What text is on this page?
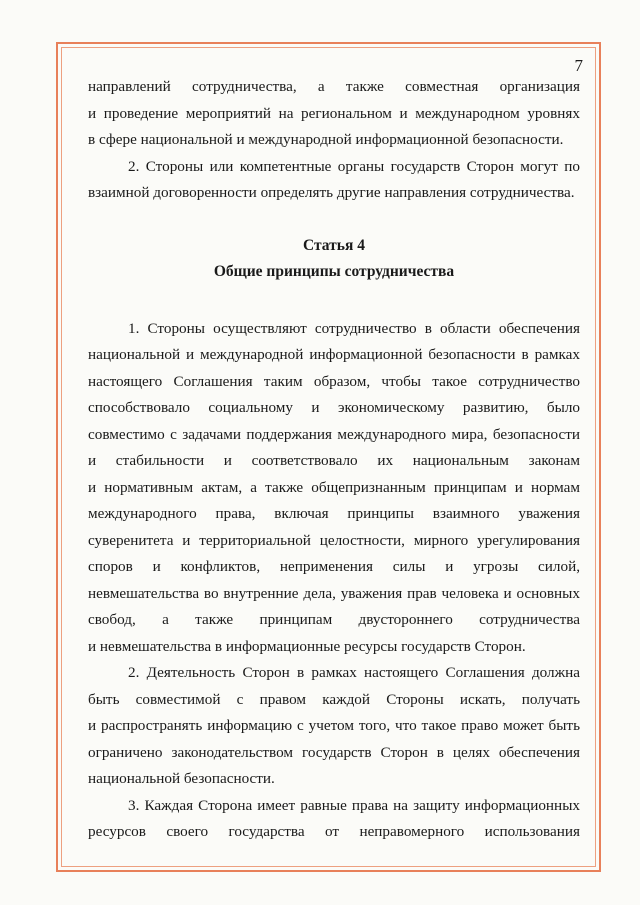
7

направлений сотрудничества, а также совместная организация

и проведение мероприятий на региональном и международном уровнях

в сфере национальной и международной информационной безопасности.

2. Стороны или компетентные органы государств Сторон могут по

взаимной договоренности определять другие направления сотрудничества.

Статья 4

Общие принципы сотрудничества

1. Стороны осуществляют сотрудничество в области обеспечения

национальной и международной информационной безопасности в рамках

настоящего Соглашения таким образом, чтобы такое сотрудничество

способствовало социальному и экономическому развитию, было

совместимо с задачами поддержания международного мира, безопасности

и стабильности и соответствовало их национальным законам

и нормативным актам, а также общепризнанным принципам и нормам

международного права, включая принципы взаимного уважения

суверенитета и территориальной целостности, мирного урегулирования

споров и конфликтов, неприменения силы и угрозы силой,

невмешательства во внутренние дела, уважения прав человека и основных

свобод, а также принципам двустороннего сотрудничества

и невмешательства в информационные ресурсы государств Сторон.

2. Деятельность Сторон в рамках настоящего Соглашения должна

быть совместимой с правом каждой Стороны искать, получать

и распространять информацию с учетом того, что такое право может быть

ограничено законодательством государств Сторон в целях обеспечения

национальной безопасности.

3. Каждая Сторона имеет равные права на защиту информационных

ресурсов своего государства от неправомерного использования
